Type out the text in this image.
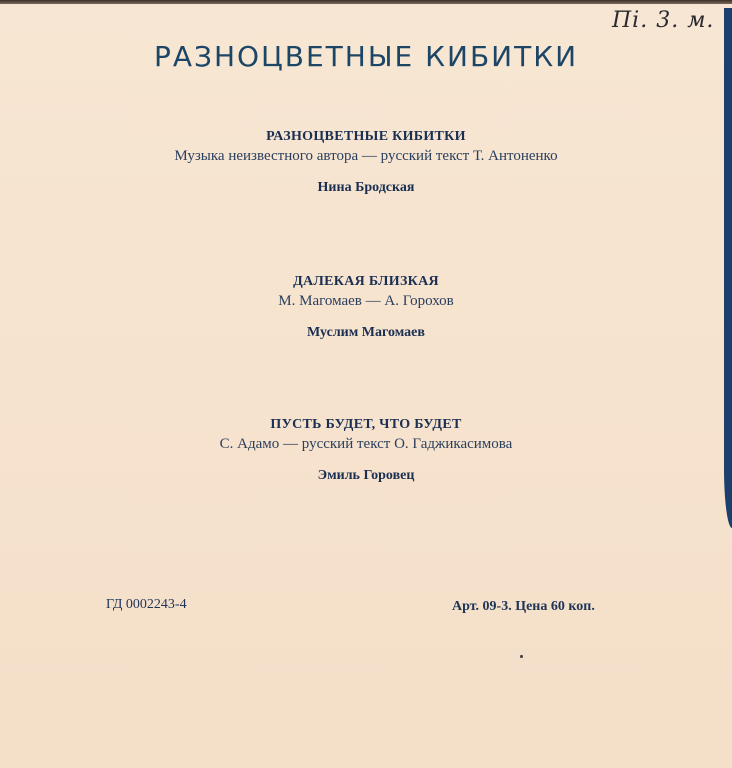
Пі. 3. м.
РАЗНОЦВЕТНЫЕ КИБИТКИ
РАЗНОЦВЕТНЫЕ КИБИТКИ
Музыка неизвестного автора — русский текст Т. Антоненко
Нина Бродская
ДАЛЕКАЯ БЛИЗКАЯ
М. Магомаев — А. Горохов
Муслим Магомаев
ПУСТЬ БУДЕТ, ЧТО БУДЕТ
С. Адамо — русский текст О. Гаджикасимова
Эмиль Горовец
ГД 0002243-4	Арт. 09-3. Цена 60 коп.
